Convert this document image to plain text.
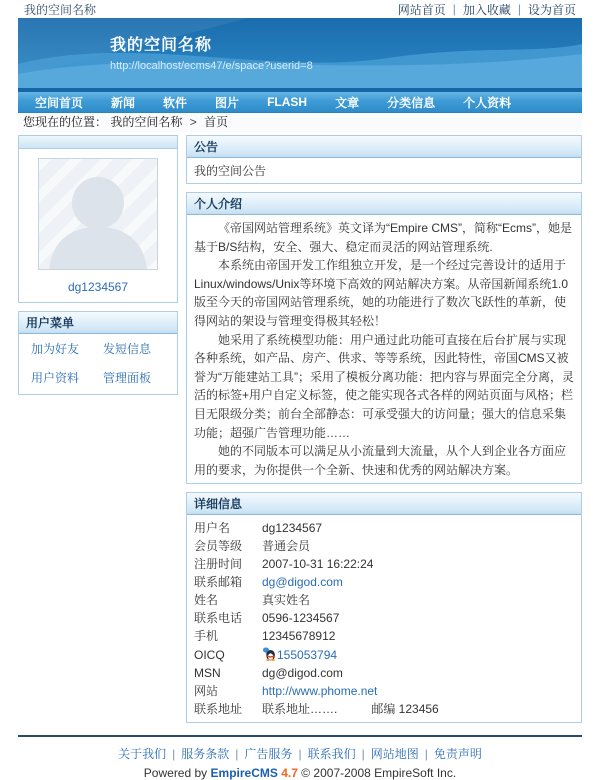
我的空间名称	网站首页 | 加入收藏 | 设为首页
我的空间名称
http://localhost/ecms47/e/space?userid=8
空间首页	新闻	软件	图片	FLASH	文章	分类信息	个人资料
您现在的位置： 我的空间名称 > 首页
dg1234567
用户菜单
加为好友	发短信息
用户资料	管理面板
公告
我的空间公告
个人介绍

《帝国网站管理系统》英文译为“Empire CMS”，简称“Ecms”，她是基于B/S结构，安全、强大、稳定而灵活的网站管理系统.

本系统由帝国开发工作组独立开发，是一个经过完善设计的适用于Linux/windows/Unix等环境下高效的网站解决方案。从帝国新闻系统1.0版至今天的帝国网站管理系统，她的功能进行了数次飞跃性的革新，使得网站的架设与管理变得极其轻松！

她采用了系统模型功能：用户通过此功能可直接在后台扩展与实现各种系统，如产品、房产、供求、等等系统，因此特性，帝国CMS又被誉为“万能建站工具”；采用了模板分离功能：把内容与界面完全分离，灵活的标签+用户自定义标签，使之能实现各式各样的网站页面与风格；栏目无限级分类；前台全部静态：可承受强大的访问量；强大的信息采集功能；超强广告管理功能……

她的不同版本可以满足从小流量到大流量，从个人到企业各方面应用的要求，为你提供一个全新、快速和优秀的网站解决方案。

详细信息
用户名	dg1234567
会员等级	普通会员
注册时间	2007-10-31 16:22:24
联系邮箱	dg@digod.com
姓名	真实姓名
联系电话	0596-1234567
手机	12345678912
OICQ	155053794
MSN	dg@digod.com
网站	http://www.phome.net
联系地址	联系地址…….	邮编 123456
关于我们 | 服务条款 | 广告服务 | 联系我们 | 网站地图 | 免责声明
Powered by EmpireCMS 4.7 © 2007-2008 EmpireSoft Inc.
